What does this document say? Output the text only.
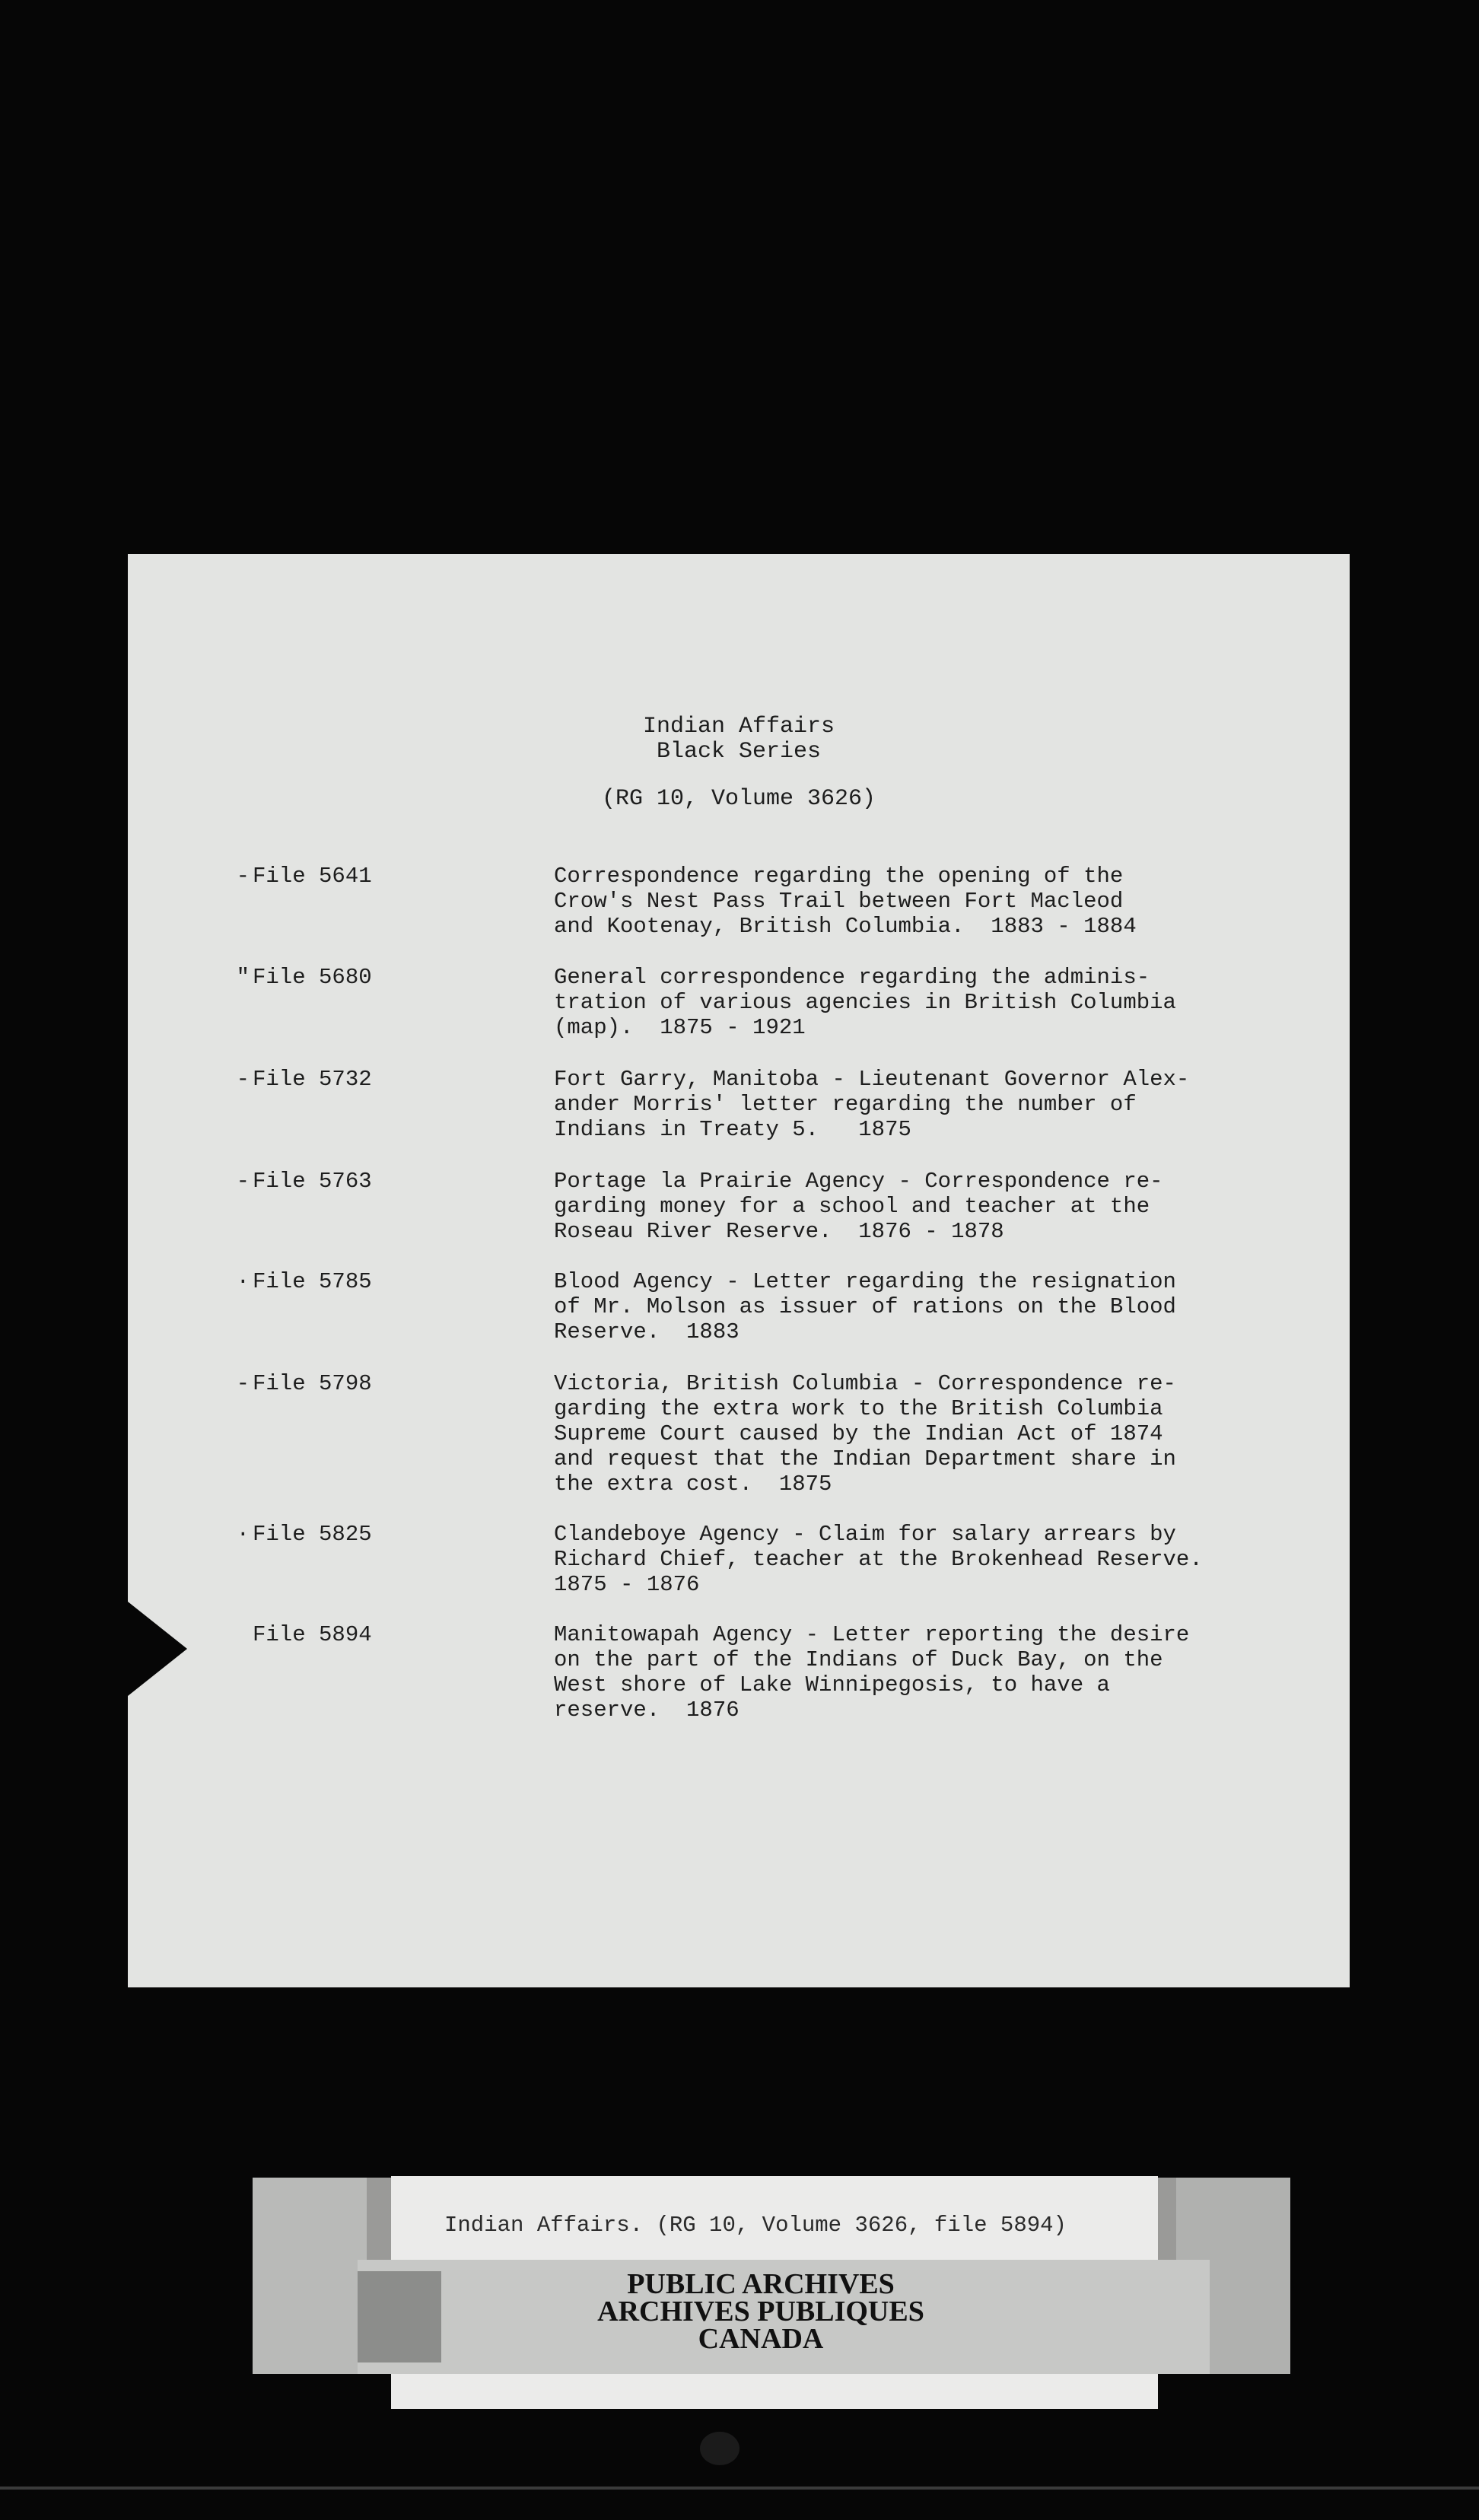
Indian Affairs
Black Series
(RG 10, Volume 3626)
- File 5641	Correspondence regarding the opening of the
Crow's Nest Pass Trail between Fort Macleod
and Kootenay, British Columbia.  1883 - 1884
" File 5680	General correspondence regarding the adminis-
tration of various agencies in British Columbia
(map).  1875 - 1921
- File 5732	Fort Garry, Manitoba - Lieutenant Governor Alex-
ander Morris' letter regarding the number of
Indians in Treaty 5.   1875
- File 5763	Portage la Prairie Agency - Correspondence re-
garding money for a school and teacher at the
Roseau River Reserve.  1876 - 1878
· File 5785	Blood Agency - Letter regarding the resignation
of Mr. Molson as issuer of rations on the Blood
Reserve.  1883
- File 5798	Victoria, British Columbia - Correspondence re-
garding the extra work to the British Columbia
Supreme Court caused by the Indian Act of 1874
and request that the Indian Department share in
the extra cost.  1875
· File 5825	Clandeboye Agency - Claim for salary arrears by
Richard Chief, teacher at the Brokenhead Reserve.
1875 - 1876
File 5894	Manitowapah Agency - Letter reporting the desire
on the part of the Indians of Duck Bay, on the
West shore of Lake Winnipegosis, to have a
reserve.  1876
Indian Affairs. (RG 10, Volume 3626, file 5894)
PUBLIC ARCHIVES
ARCHIVES PUBLIQUES
CANADA
